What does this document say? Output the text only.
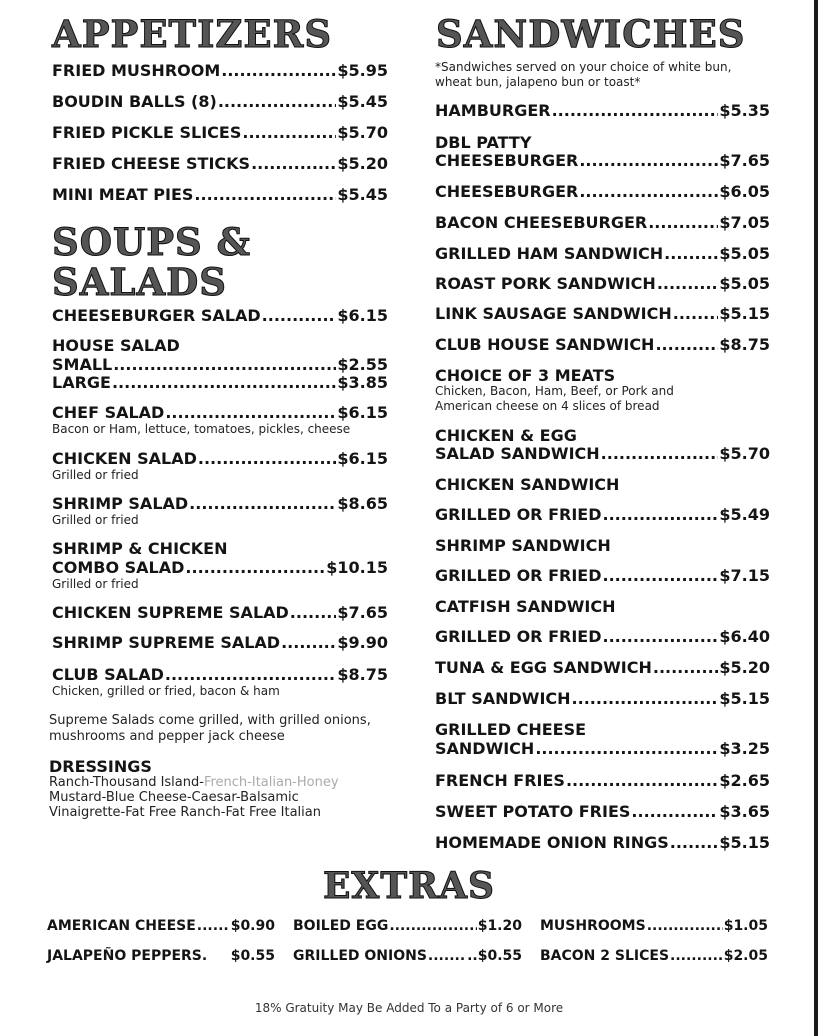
APPETIZERS
FRIED MUSHROOM .....	$5.95
BOUDIN BALLS (8) .....	$5.45
FRIED PICKLE SLICES .....	$5.70
FRIED CHEESE STICKS .....	$5.20
MINI MEAT PIES .....	$5.45
SOUPS &
SALADS
CHEESEBURGER SALAD .....	$6.15
HOUSE SALAD
SMALL .....	$2.55
LARGE .....	$3.85
CHEF SALAD .....	$6.15
Bacon or Ham, lettuce, tomatoes, pickles, cheese
CHICKEN SALAD .....	$6.15
Grilled or fried
SHRIMP SALAD .....	$8.65
Grilled or fried
SHRIMP & CHICKEN
COMBO SALAD .....	$10.15
Grilled or fried
CHICKEN SUPREME SALAD .....	$7.65
SHRIMP SUPREME SALAD .....	$9.90
CLUB SALAD .....	$8.75
Chicken, grilled or fried, bacon & ham
Supreme Salads come grilled, with grilled onions,
mushrooms and pepper jack cheese
DRESSINGS
Ranch-Thousand Island-French-Italian-Honey
Mustard-Blue Cheese-Caesar-Balsamic
Vinaigrette-Fat Free Ranch-Fat Free Italian
SANDWICHES
*Sandwiches served on your choice of white bun,
wheat bun, jalapeno bun or toast*
HAMBURGER .....	$5.35
DBL PATTY
CHEESEBURGER .....	$7.65
CHEESEBURGER .....	$6.05
BACON CHEESEBURGER .....	$7.05
GRILLED HAM SANDWICH .....	$5.05
ROAST PORK SANDWICH .....	$5.05
LINK SAUSAGE SANDWICH .....	$5.15
CLUB HOUSE SANDWICH .....	$8.75
CHOICE OF 3 MEATS
Chicken, Bacon, Ham, Beef, or Pork and
American cheese on 4 slices of bread
CHICKEN & EGG
SALAD SANDWICH .....	$5.70
CHICKEN SANDWICH
GRILLED OR FRIED .....	$5.49
SHRIMP SANDWICH
GRILLED OR FRIED .....	$7.15
CATFISH SANDWICH
GRILLED OR FRIED .....	$6.40
TUNA & EGG SANDWICH .....	$5.20
BLT SANDWICH .....	$5.15
GRILLED CHEESE
SANDWICH .....	$3.25
FRENCH FRIES .....	$2.65
SWEET POTATO FRIES .....	$3.65
HOMEMADE ONION RINGS .....	$5.15
EXTRAS
AMERICAN CHEESE ..... $0.90 BOILED EGG .....	$1.20 MUSHROOMS .....	$1.05
JALAPEÑO PEPPERS. $0.55 GRILLED ONIONS .....	..$0.55 BACON 2 SLICES .....	$2.05
18% Gratuity May Be Added To a Party of 6 or More
